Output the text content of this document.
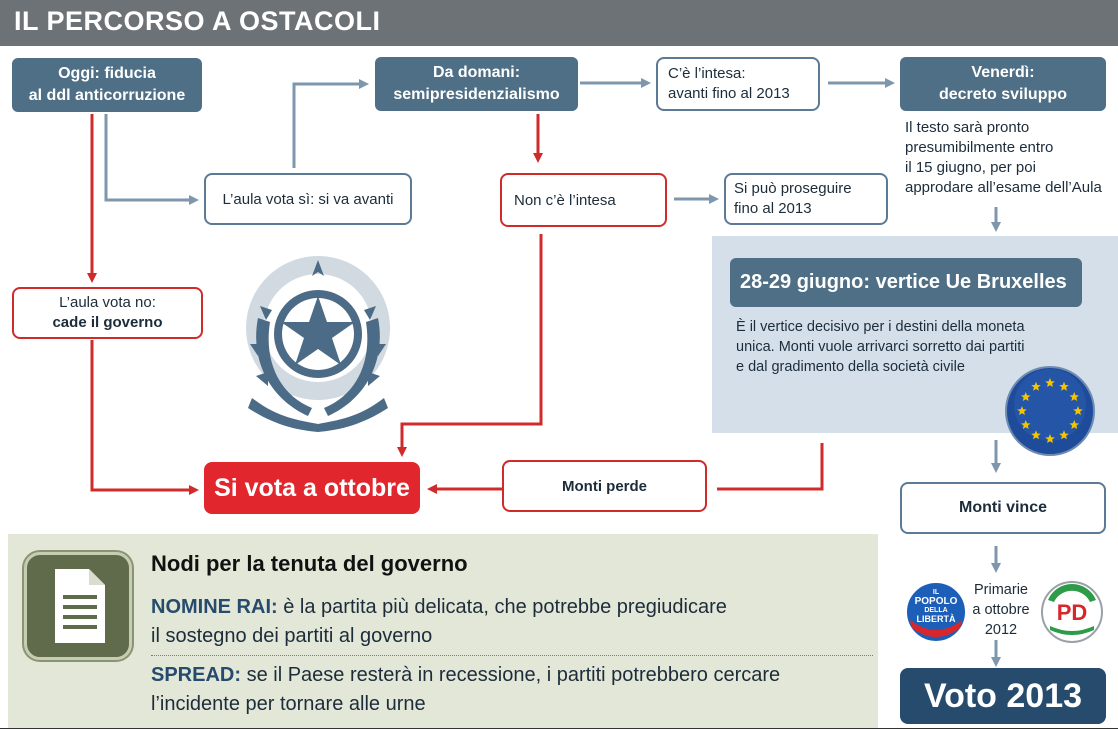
IL PERCORSO A OSTACOLI
Oggi: fiducia
al ddl anticorruzione
Da domani:
semipresidenzialismo
C’è l’intesa:
avanti fino al 2013
Venerdì:
decreto sviluppo
Il testo sarà pronto
presumibilmente entro
il 15 giugno, per poi
approdare all’esame dell’Aula
L’aula vota sì: si va avanti	Non c’è l’intesa
Si può proseguire
fino al 2013
L’aula vota no:
cade il governo
28-29 giugno: vertice Ue Bruxelles
È il vertice decisivo per i destini della moneta
unica. Monti vuole arrivarci sorretto dai partiti
e dal gradimento della società civile
Si vota a ottobre	Monti perde
Monti vince
IL
POPOLO
DELLA
LIBERTÀ
Primarie
a ottobre
2012
PD
Voto 2013
Nodi per la tenuta del governo
NOMINE RAI: è la partita più delicata, che potrebbe pregiudicare
il sostegno dei partiti al governo
SPREAD: se il Paese resterà in recessione, i partiti potrebbero cercare
l’incidente per tornare alle urne
